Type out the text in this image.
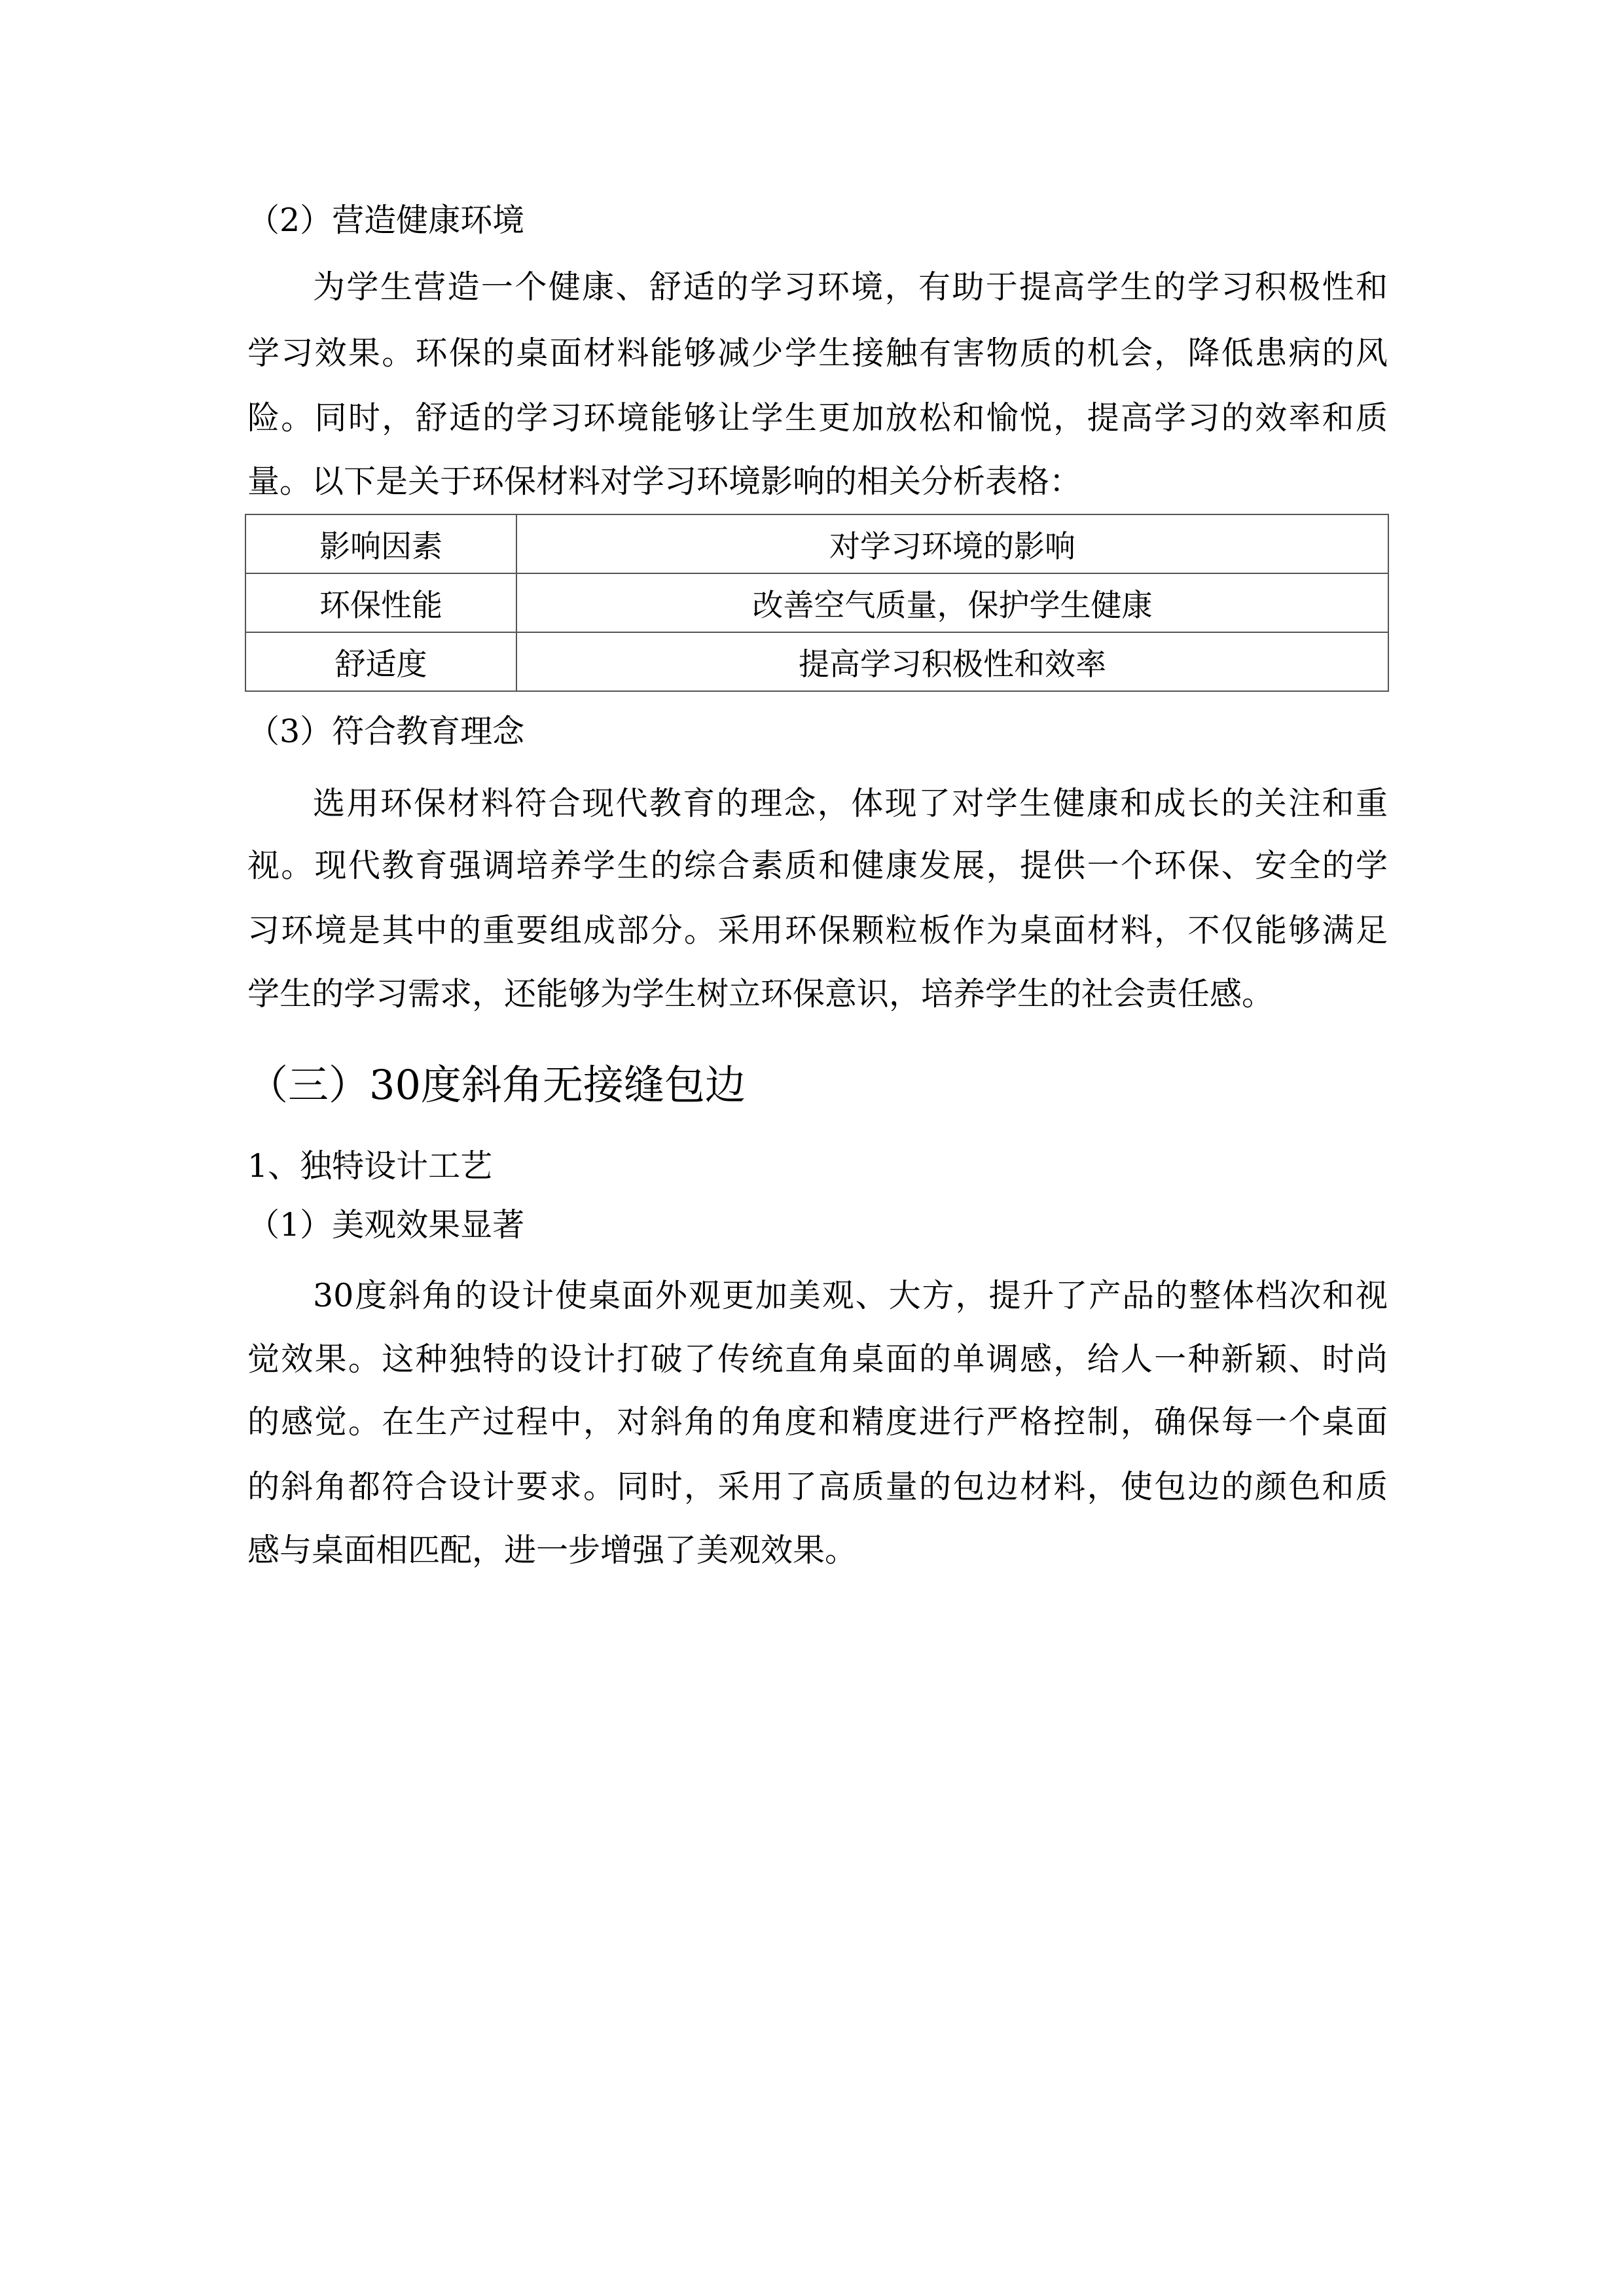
（2）营造健康环境
为学生营造一个健康、舒适的学习环境，有助于提高学生的学习积极性和
学习效果。环保的桌面材料能够减少学生接触有害物质的机会，降低患病的风
险。同时，舒适的学习环境能够让学生更加放松和愉悦，提高学习的效率和质
量。以下是关于环保材料对学习环境影响的相关分析表格：
影响因素	对学习环境的影响
环保性能	改善空气质量，保护学生健康
舒适度	提高学习积极性和效率
（3）符合教育理念
选用环保材料符合现代教育的理念，体现了对学生健康和成长的关注和重
视。现代教育强调培养学生的综合素质和健康发展，提供一个环保、安全的学
习环境是其中的重要组成部分。采用环保颗粒板作为桌面材料，不仅能够满足
学生的学习需求，还能够为学生树立环保意识，培养学生的社会责任感。
（三）30度斜角无接缝包边
1、独特设计工艺
（1）美观效果显著
30度斜角的设计使桌面外观更加美观、大方，提升了产品的整体档次和视
觉效果。这种独特的设计打破了传统直角桌面的单调感，给人一种新颖、时尚
的感觉。在生产过程中，对斜角的角度和精度进行严格控制，确保每一个桌面
的斜角都符合设计要求。同时，采用了高质量的包边材料，使包边的颜色和质
感与桌面相匹配，进一步增强了美观效果。
